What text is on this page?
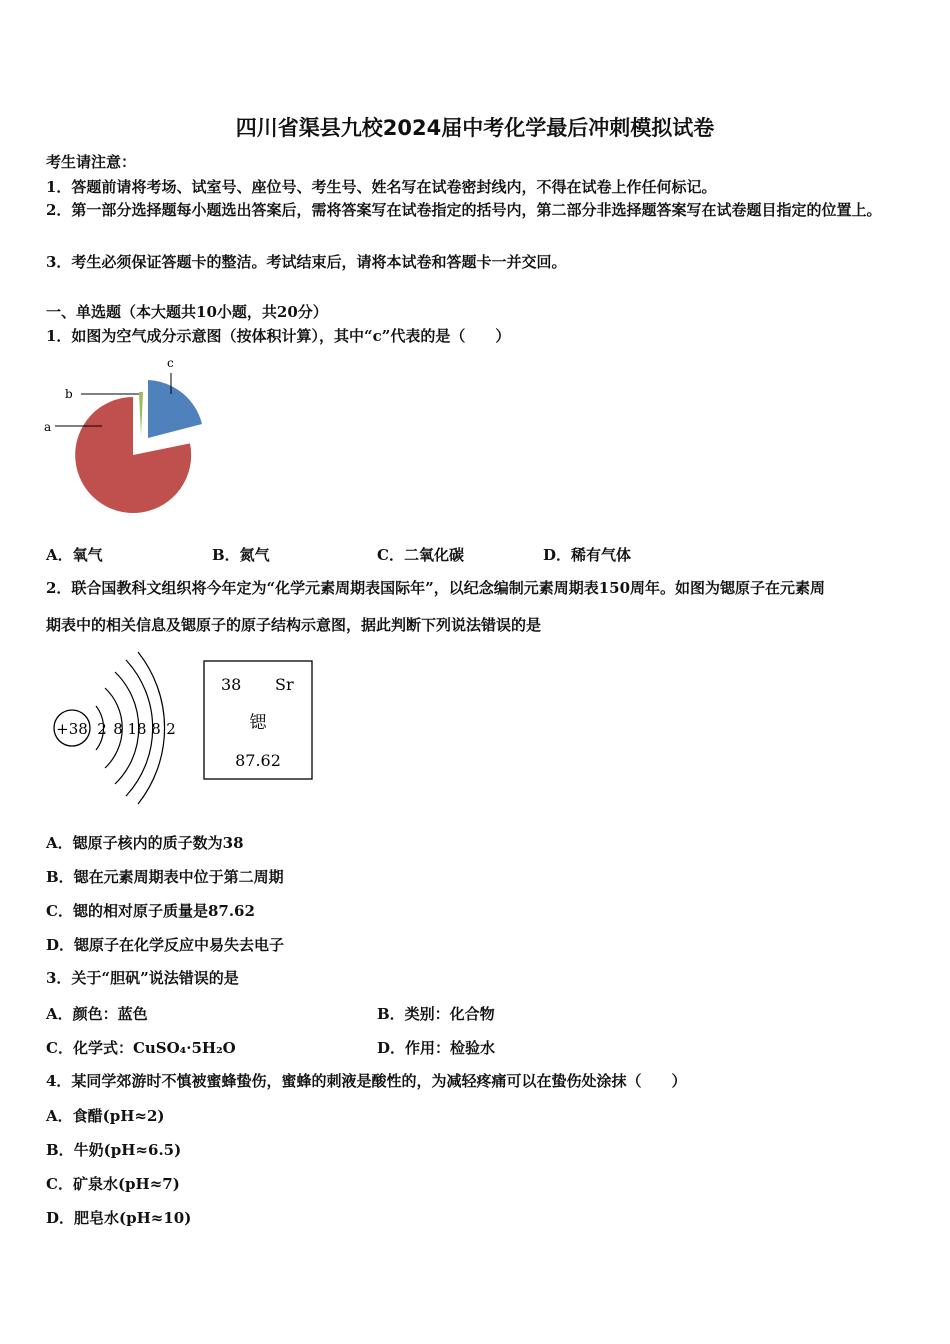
四川省渠县九校2024届中考化学最后冲刺模拟试卷
考生请注意：
1．答题前请将考场、试室号、座位号、考生号、姓名写在试卷密封线内，不得在试卷上作任何标记。
2．第一部分选择题每小题选出答案后，需将答案写在试卷指定的括号内，第二部分非选择题答案写在试卷题目指定的位置上。
3．考生必须保证答题卡的整洁。考试结束后，请将本试卷和答题卡一并交回。
一、单选题（本大题共10小题，共20分）
1．如图为空气成分示意图（按体积计算），其中“c”代表的是（　　）
b
a
c
A．氧气	B．氮气	C．二氧化碳	D．稀有气体
2．联合国教科文组织将今年定为“化学元素周期表国际年”，以纪念编制元素周期表150周年。如图为锶原子在元素周
期表中的相关信息及锶原子的原子结构示意图，据此判断下列说法错误的是
+38 2 8 18 8 2
38 Sr
锶
87.62
A．锶原子核内的质子数为38
B．锶在元素周期表中位于第二周期
C．锶的相对原子质量是87.62
D．锶原子在化学反应中易失去电子
3．关于“胆矾”说法错误的是
A．颜色：蓝色	B．类别：化合物
C．化学式：CuSO₄·5H₂O	D．作用：检验水
4．某同学郊游时不慎被蜜蜂蛰伤，蜜蜂的刺液是酸性的，为减轻疼痛可以在蛰伤处涂抹（　　）
A．食醋(pH≈2)
B．牛奶(pH≈6.5)
C．矿泉水(pH≈7)
D．肥皂水(pH≈10)
